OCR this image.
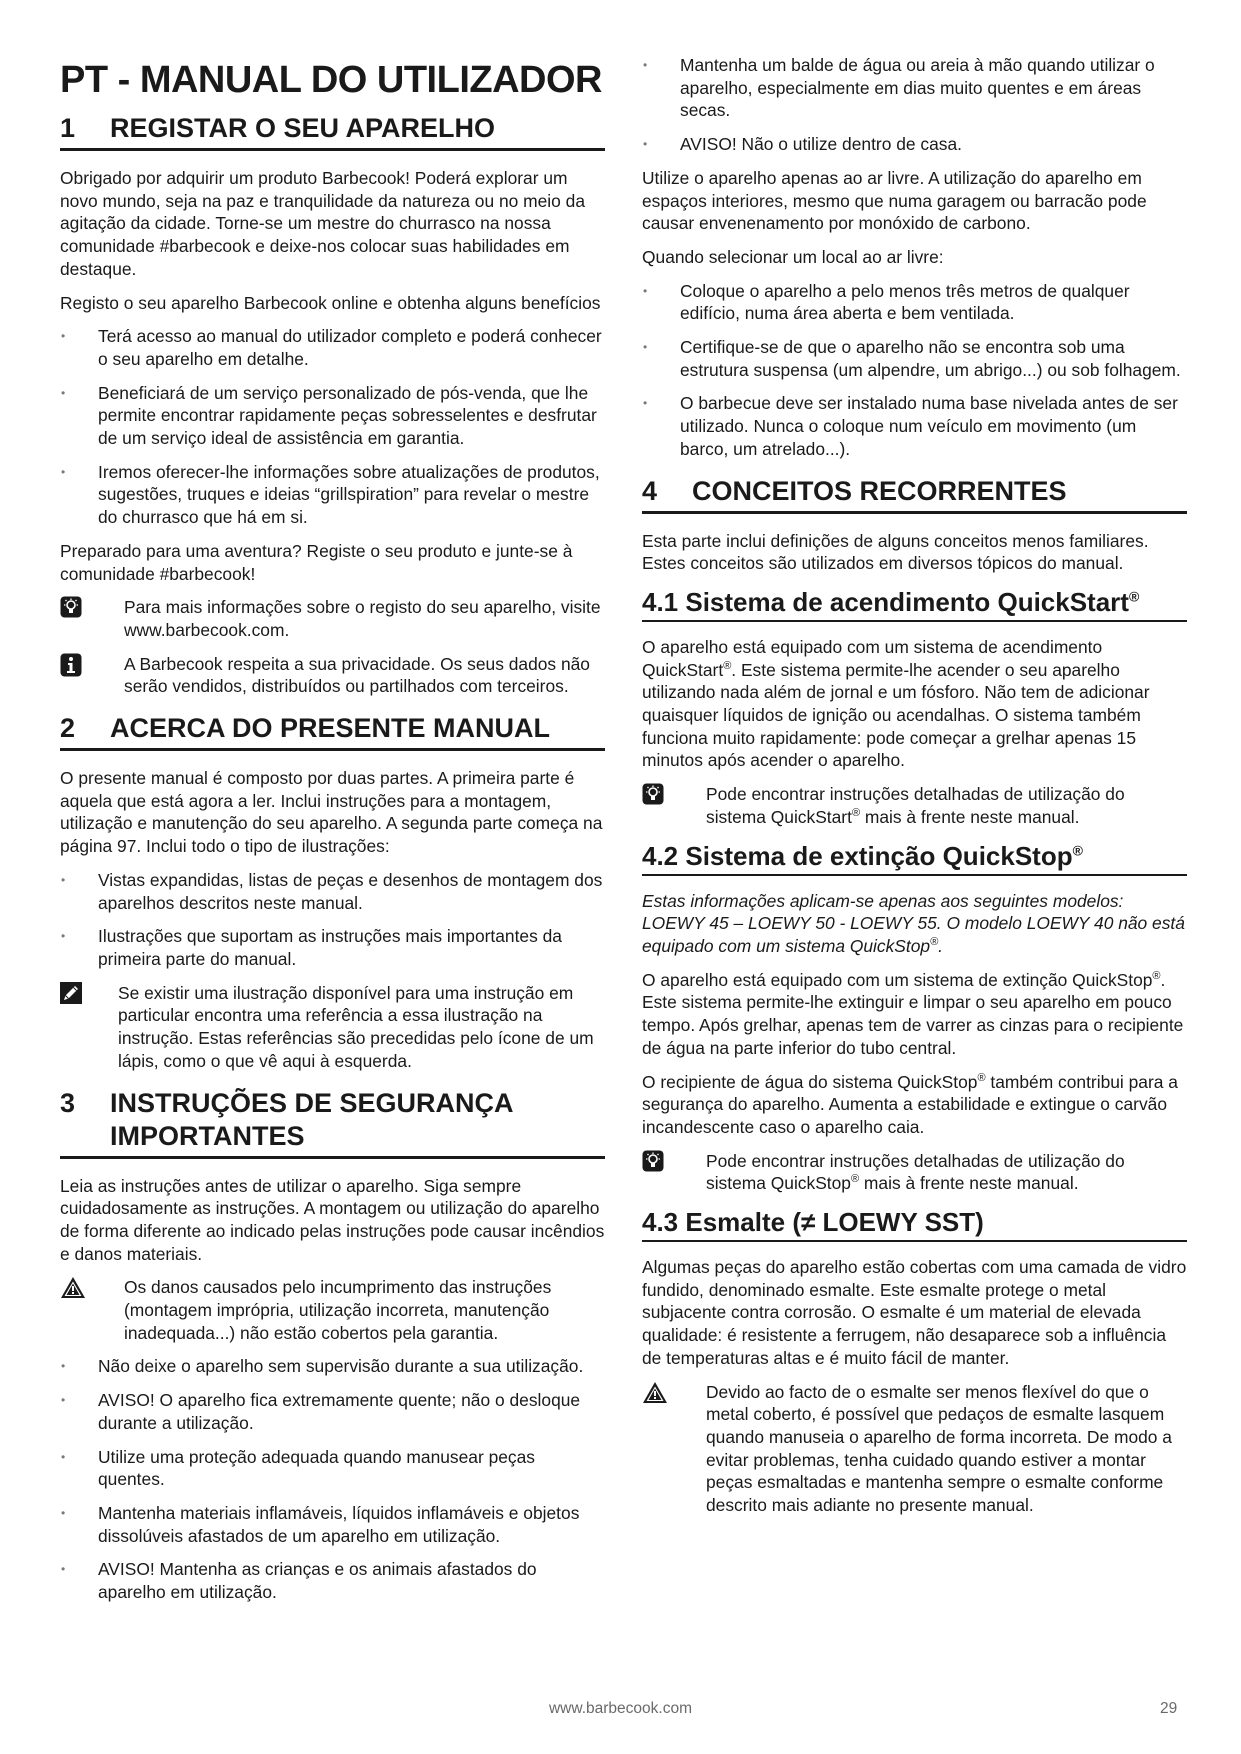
PT - MANUAL DO UTILIZADOR
1	REGISTAR O SEU APARELHO

Obrigado por adquirir um produto Barbecook! Poderá explorar um novo mundo, seja na paz e tranquilidade da natureza ou no meio da agitação da cidade. Torne-se um mestre do churrasco na nossa comunidade #barbecook e deixe-nos colocar suas habilidades em destaque.

Registo o seu aparelho Barbecook online e obtenha alguns benefícios

•	Terá acesso ao manual do utilizador completo e poderá conhecer o seu aparelho em detalhe.
•	Beneficiará de um serviço personalizado de pós-venda, que lhe permite encontrar rapidamente peças sobresselentes e desfrutar de um serviço ideal de assistência em garantia.
•	Iremos oferecer-lhe informações sobre atualizações de produtos, sugestões, truques e ideias “grillspiration” para revelar o mestre do churrasco que há em si.

Preparado para uma aventura? Registe o seu produto e junte-se à comunidade #barbecook!

Para mais informações sobre o registo do seu aparelho, visite www.barbecook.com.
A Barbecook respeita a sua privacidade. Os seus dados não serão vendidos, distribuídos ou partilhados com terceiros.
2	ACERCA DO PRESENTE MANUAL

O presente manual é composto por duas partes. A primeira parte é aquela que está agora a ler. Inclui instruções para a montagem, utilização e manutenção do seu aparelho. A segunda parte começa na página 97. Inclui todo o tipo de ilustrações:

•	Vistas expandidas, listas de peças e desenhos de montagem dos aparelhos descritos neste manual.
•	Ilustrações que suportam as instruções mais importantes da primeira parte do manual.
Se existir uma ilustração disponível para uma instrução em particular encontra uma referência a essa ilustração na instrução. Estas referências são precedidas pelo ícone de um lápis, como o que vê aqui à esquerda.
3	INSTRUÇÕES DE SEGURANÇA
IMPORTANTES

Leia as instruções antes de utilizar o aparelho. Siga sempre cuidadosamente as instruções. A montagem ou utilização do aparelho de forma diferente ao indicado pelas instruções pode causar incêndios e danos materiais.

Os danos causados pelo incumprimento das instruções (montagem imprópria, utilização incorreta, manutenção inadequada...) não estão cobertos pela garantia.
•	Não deixe o aparelho sem supervisão durante a sua utilização.
•	AVISO! O aparelho fica extremamente quente; não o desloque durante a utilização.
•	Utilize uma proteção adequada quando manusear peças quentes.
•	Mantenha materiais inflamáveis, líquidos inflamáveis e objetos dissolúveis afastados de um aparelho em utilização.
•	AVISO! Mantenha as crianças e os animais afastados do aparelho em utilização.
•	Mantenha um balde de água ou areia à mão quando utilizar o aparelho, especialmente em dias muito quentes e em áreas secas.
•	AVISO! Não o utilize dentro de casa.

Utilize o aparelho apenas ao ar livre. A utilização do aparelho em espaços interiores, mesmo que numa garagem ou barracão pode causar envenenamento por monóxido de carbono.

Quando selecionar um local ao ar livre:

•	Coloque o aparelho a pelo menos três metros de qualquer edifício, numa área aberta e bem ventilada.
•	Certifique-se de que o aparelho não se encontra sob uma estrutura suspensa (um alpendre, um abrigo...) ou sob folhagem.
•	O barbecue deve ser instalado numa base nivelada antes de ser utilizado. Nunca o coloque num veículo em movimento (um barco, um atrelado...).
4	CONCEITOS RECORRENTES

Esta parte inclui definições de alguns conceitos menos familiares. Estes conceitos são utilizados em diversos tópicos do manual.

4.1 Sistema de acendimento QuickStart®

O aparelho está equipado com um sistema de acendimento QuickStart®. Este sistema permite-lhe acender o seu aparelho utilizando nada além de jornal e um fósforo. Não tem de adicionar quaisquer líquidos de ignição ou acendalhas. O sistema também funciona muito rapidamente: pode começar a grelhar apenas 15 minutos após acender o aparelho.

Pode encontrar instruções detalhadas de utilização do sistema QuickStart® mais à frente neste manual.
4.2 Sistema de extinção QuickStop®

Estas informações aplicam-se apenas aos seguintes modelos: LOEWY 45 – LOEWY 50 - LOEWY 55. O modelo LOEWY 40 não está equipado com um sistema QuickStop®.

O aparelho está equipado com um sistema de extinção QuickStop®. Este sistema permite-lhe extinguir e limpar o seu aparelho em pouco tempo. Após grelhar, apenas tem de varrer as cinzas para o recipiente de água na parte inferior do tubo central.

O recipiente de água do sistema QuickStop® também contribui para a segurança do aparelho. Aumenta a estabilidade e extingue o carvão incandescente caso o aparelho caia.

Pode encontrar instruções detalhadas de utilização do sistema QuickStop® mais à frente neste manual.
4.3 Esmalte (≠ LOEWY SST)

Algumas peças do aparelho estão cobertas com uma camada de vidro fundido, denominado esmalte. Este esmalte protege o metal subjacente contra corrosão. O esmalte é um material de elevada qualidade: é resistente a ferrugem, não desaparece sob a influência de temperaturas altas e é muito fácil de manter.

Devido ao facto de o esmalte ser menos flexível do que o metal coberto, é possível que pedaços de esmalte lasquem quando manuseia o aparelho de forma incorreta. De modo a evitar problemas, tenha cuidado quando estiver a montar peças esmaltadas e mantenha sempre o esmalte conforme descrito mais adiante no presente manual.
www.barbecook.com	29
